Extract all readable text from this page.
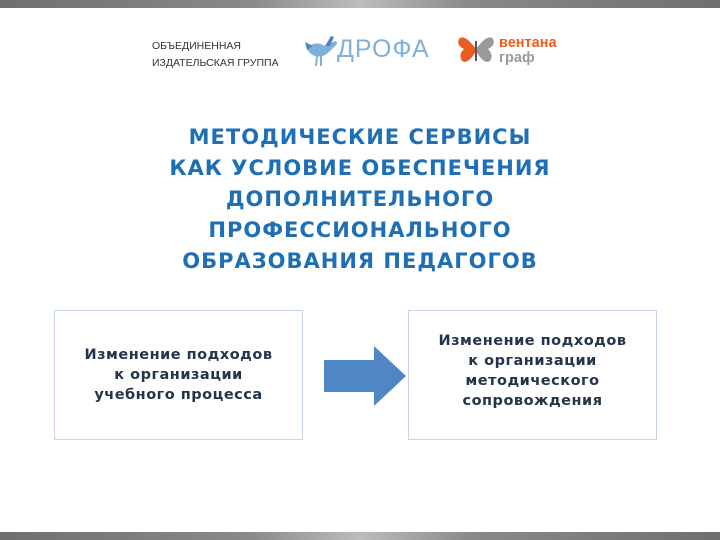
ОБЪЕДИНЕННАЯ
ИЗДАТЕЛЬСКАЯ ГРУППА ДРОФА	вентана
граф
МЕТОДИЧЕСКИЕ СЕРВИСЫ
КАК УСЛОВИЕ ОБЕСПЕЧЕНИЯ
ДОПОЛНИТЕЛЬНОГО
ПРОФЕССИОНАЛЬНОГО
ОБРАЗОВАНИЯ ПЕДАГОГОВ
Изменение подходов
к организации
учебного процесса
Изменение подходов
к организации
методического
сопровождения
